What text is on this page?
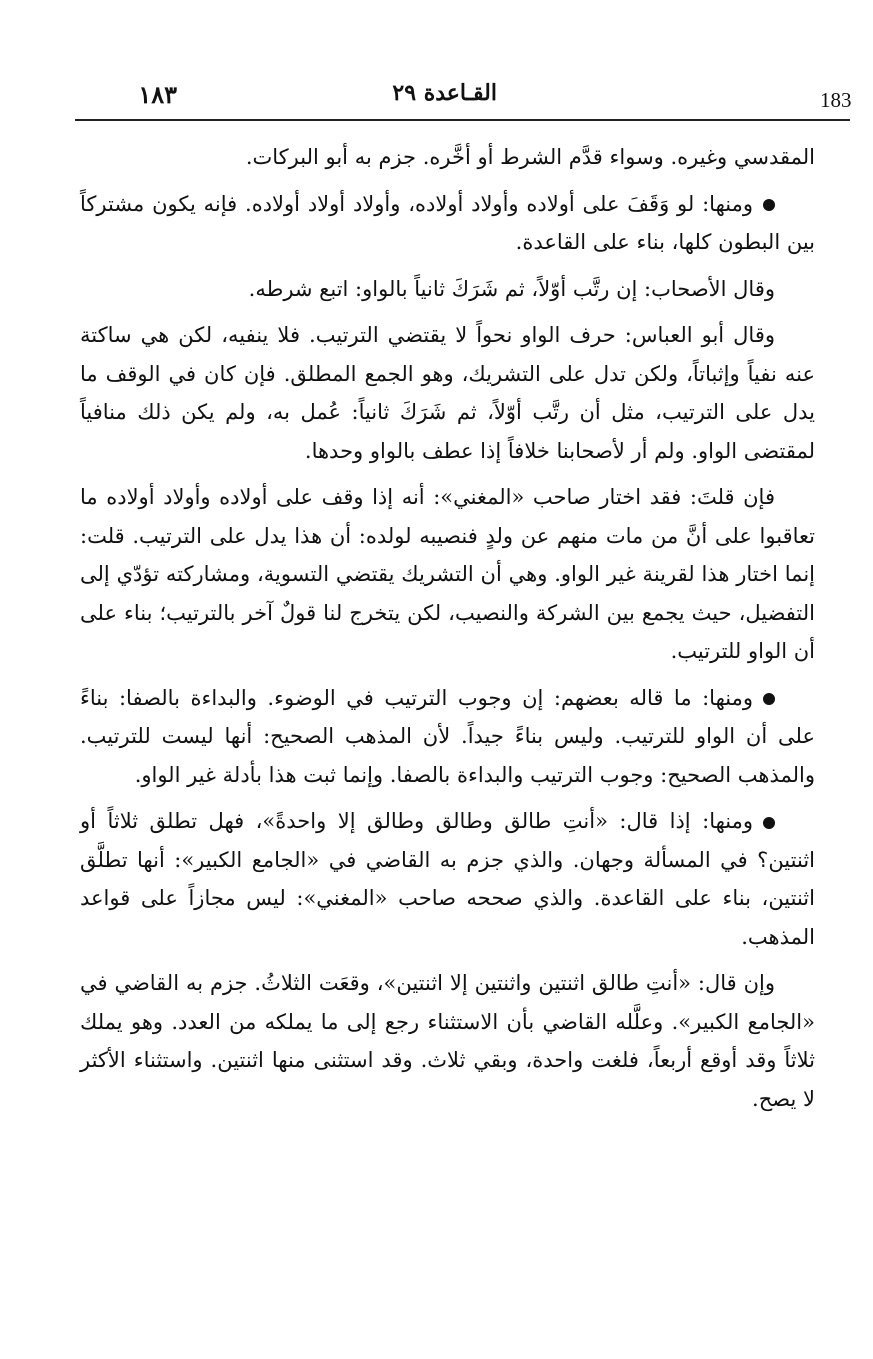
183
١٨٣	القـاعدة ٢٩

المقدسي وغيره. وسواء قدَّم الشرط أو أخَّره. جزم به أبو البركات.

ومنها: لو وَقَفَ على أولاده وأولاد أولاده، وأولاد أولاد أولاده. فإنه يكون مشتركاً بين البطون كلها، بناء على القاعدة.

وقال الأصحاب: إن رتَّب أوّلاً، ثم شَرَكَ ثانياً بالواو: اتبع شرطه.

وقال أبو العباس: حرف الواو نحواً لا يقتضي الترتيب. فلا ينفيه، لكن هي ساكتة عنه نفياً وإثباتاً، ولكن تدل على التشريك، وهو الجمع المطلق. فإن كان في الوقف ما يدل على الترتيب، مثل أن رتَّب أوّلاً، ثم شَرَكَ ثانياً: عُمل به، ولم يكن ذلك منافياً لمقتضى الواو. ولم أر لأصحابنا خلافاً إذا عطف بالواو وحدها.

فإن قلتَ: فقد اختار صاحب «المغني»: أنه إذا وقف على أولاده وأولاد أولاده ما تعاقبوا على أنَّ من مات منهم عن ولدٍ فنصيبه لولده: أن هذا يدل على الترتيب. قلت: إنما اختار هذا لقرينة غير الواو. وهي أن التشريك يقتضي التسوية، ومشاركته تؤدّي إلى التفضيل، حيث يجمع بين الشركة والنصيب، لكن يتخرج لنا قولٌ آخر بالترتيب؛ بناء على أن الواو للترتيب.

ومنها: ما قاله بعضهم: إن وجوب الترتيب في الوضوء. والبداءة بالصفا: بناءً على أن الواو للترتيب. وليس بناءً جيداً. لأن المذهب الصحيح: أنها ليست للترتيب. والمذهب الصحيح: وجوب الترتيب والبداءة بالصفا. وإنما ثبت هذا بأدلة غير الواو.

ومنها: إذا قال: «أنتِ طالق وطالق وطالق إلا واحدةً»، فهل تطلق ثلاثاً أو اثنتين؟ في المسألة وجهان. والذي جزم به القاضي في «الجامع الكبير»: أنها تطلَّق اثنتين، بناء على القاعدة. والذي صححه صاحب «المغني»: ليس مجازاً على قواعد المذهب.

وإن قال: «أنتِ طالق اثنتين واثنتين إلا اثنتين»، وقعَت الثلاثُ. جزم به القاضي في «الجامع الكبير». وعلَّله القاضي بأن الاستثناء رجع إلى ما يملكه من العدد. وهو يملك ثلاثاً وقد أوقع أربعاً، فلغت واحدة، وبقي ثلاث. وقد استثنى منها اثنتين. واستثناء الأكثر لا يصح.
